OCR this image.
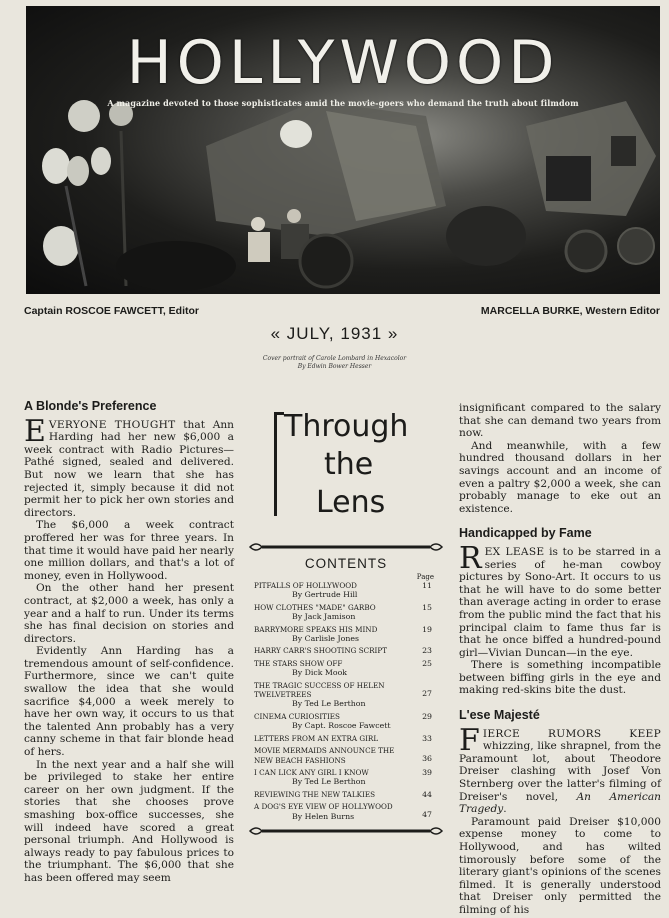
HOLLYWOOD
A magazine devoted to those sophisticates amid the movie-goers who demand the truth about filmdom
Captain ROSCOE FAWCETT, Editor	MARCELLA BURKE, Western Editor
« JULY, 1931 »
Cover portrait of Carole Lombard in Hexacolor
By Edwin Bower Hesser
A Blonde's Preference

EVERYONE THOUGHT that Ann Harding had her new $6,000 a week contract with Radio Pictures—Pathé signed, sealed and delivered. But now we learn that she has rejected it, simply because it did not permit her to pick her own stories and directors.

The $6,000 a week contract proffered her was for three years. In that time it would have paid her nearly one million dollars, and that's a lot of money, even in Hollywood.

On the other hand her present contract, at $2,000 a week, has only a year and a half to run. Under its terms she has final decision on stories and directors.

Evidently Ann Harding has a tremendous amount of self-confidence. Furthermore, since we can't quite swallow the idea that she would sacrifice $4,000 a week merely to have her own way, it occurs to us that the talented Ann probably has a very canny scheme in that fair blonde head of hers.

In the next year and a half she will be privileged to stake her entire career on her own judgment. If the stories that she chooses prove smashing box-office successes, she will indeed have scored a great personal triumph. And Hollywood is always ready to pay fabulous prices to the triumphant. The $6,000 that she has been offered may seem

Through
the
Lens
CONTENTS
Page
PITFALLS OF HOLLYWOOD
By Gertrude Hill
11
HOW CLOTHES "MADE" GARBO
By Jack Jamison
15
BARRYMORE SPEAKS HIS MIND
By Carlisle Jones
19
HARRY CARR'S SHOOTING SCRIPT	23
THE STARS SHOW OFF
By Dick Mook
25
THE TRAGIC SUCCESS OF HELEN TWELVETREES
By Ted Le Berthon
27
CINEMA CURIOSITIES
By Capt. Roscoe Fawcett
29
LETTERS FROM AN EXTRA GIRL	33
MOVIE MERMAIDS ANNOUNCE THE NEW BEACH FASHIONS	36
I CAN LICK ANY GIRL I KNOW
By Ted Le Berthon
39
REVIEWING THE NEW TALKIES	44
A DOG'S EYE VIEW OF HOLLYWOOD
By Helen Burns	47

insignificant compared to the salary that she can demand two years from now.

And meanwhile, with a few hundred thousand dollars in her savings account and an income of even a paltry $2,000 a week, she can probably manage to eke out an existence.

Handicapped by Fame

REX LEASE is to be starred in a series of he-man cowboy pictures by Sono-Art. It occurs to us that he will have to do some better than average acting in order to erase from the public mind the fact that his principal claim to fame thus far is that he once biffed a hundred-pound girl—Vivian Duncan—in the eye.

There is something incompatible between biffing girls in the eye and making red-skins bite the dust.

L'ese Majesté

FIERCE RUMORS KEEP whizzing, like shrapnel, from the Paramount lot, about Theodore Dreiser clashing with Josef Von Sternberg over the latter's filming of Dreiser's novel, An American Tragedy.

Paramount paid Dreiser $10,000 expense money to come to Hollywood, and has wilted timorously before some of the literary giant's opinions of the scenes filmed. It is generally understood that Dreiser only permitted the filming of his
